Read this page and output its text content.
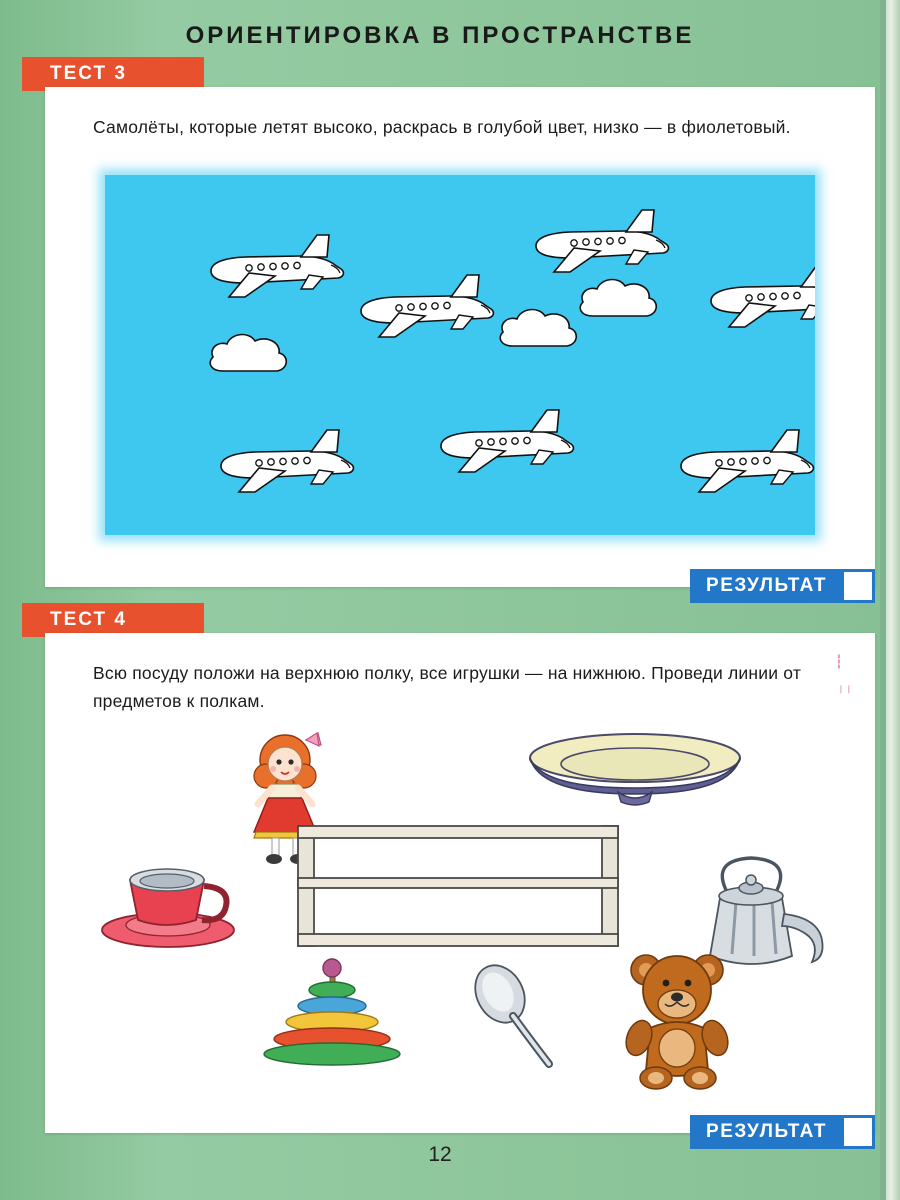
ОРИЕНТИРОВКА В ПРОСТРАНСТВЕ
ТЕСТ 3
Самолёты, которые летят высоко, раскрась в голубой цвет, низко — в фиолетовый.
РЕЗУЛЬТАТ
ТЕСТ 4
Всю посуду положи на верхнюю полку, все игрушки — на нижнюю. Проведи линии от предметов к полкам.
┇
╷╷
РЕЗУЛЬТАТ
12
